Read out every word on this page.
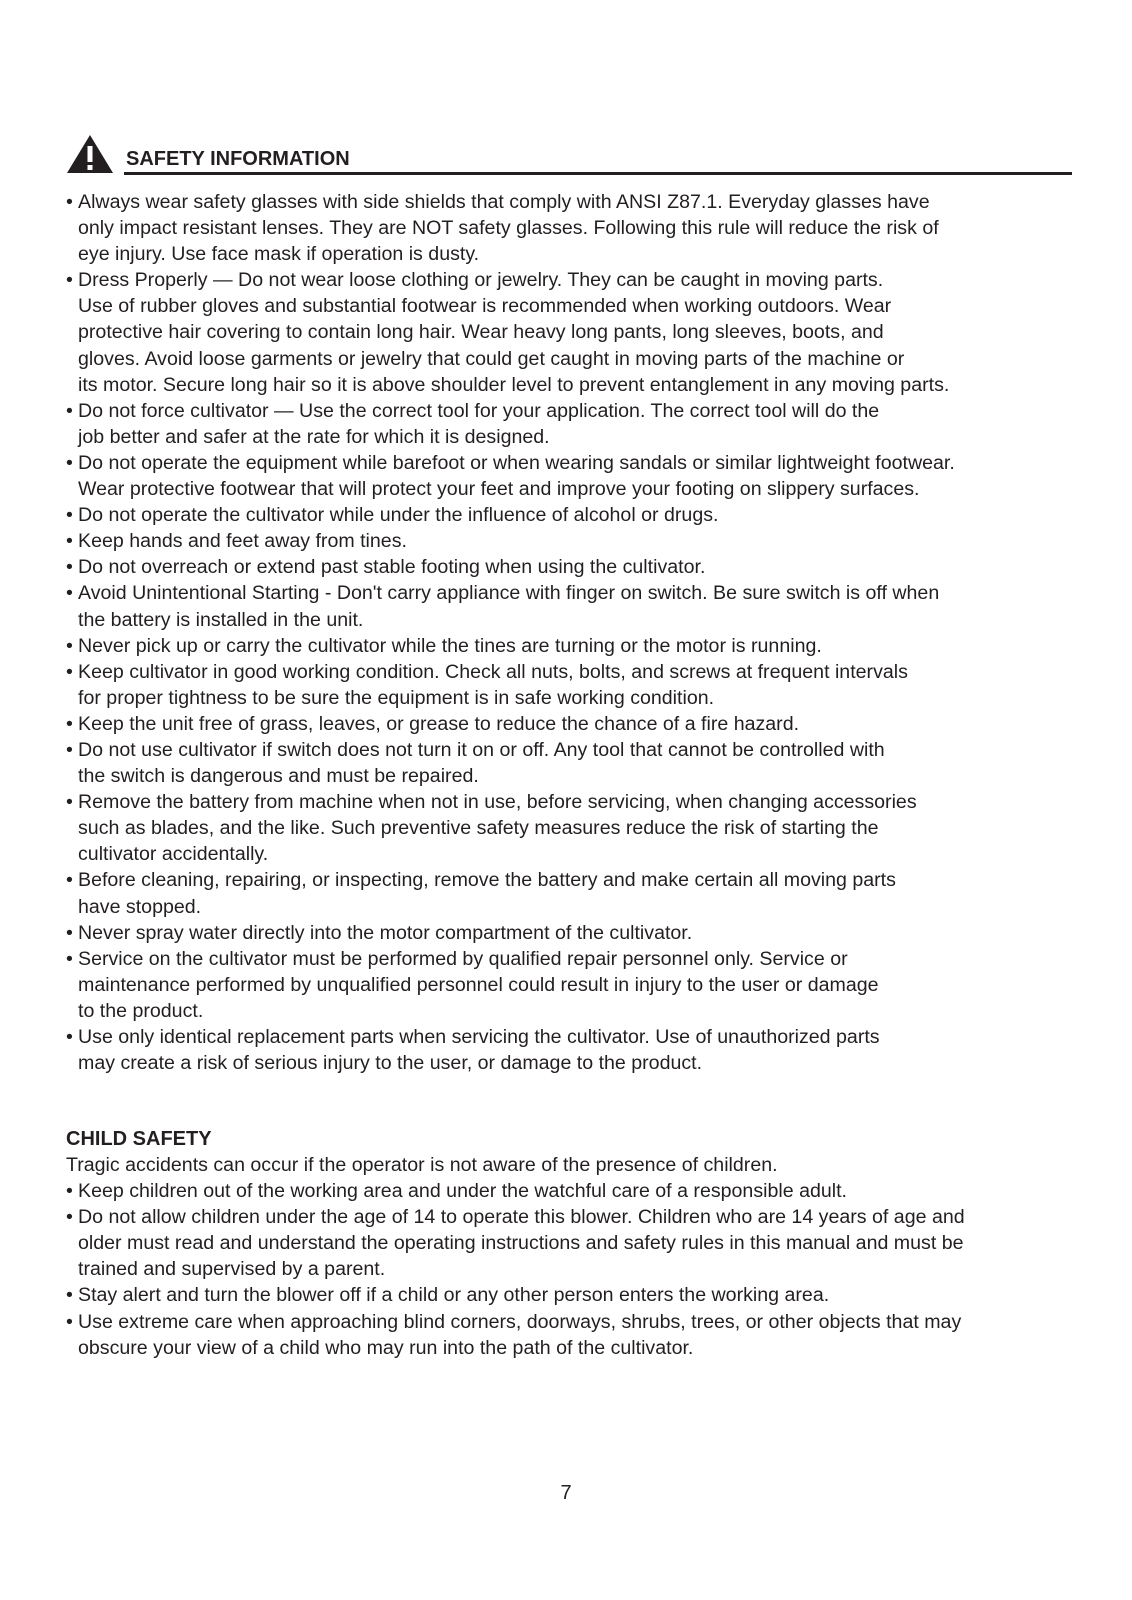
SAFETY INFORMATION
• Always wear safety glasses with side shields that comply with ANSI Z87.1. Everyday glasses have
only impact resistant lenses. They are NOT safety glasses. Following this rule will reduce the risk of
eye injury. Use face mask if operation is dusty.
• Dress Properly — Do not wear loose clothing or jewelry. They can be caught in moving parts.
Use of rubber gloves and substantial footwear is recommended when working outdoors. Wear
protective hair covering to contain long hair. Wear heavy long pants, long sleeves, boots, and
gloves. Avoid loose garments or jewelry that could get caught in moving parts of the machine or
its motor. Secure long hair so it is above shoulder level to prevent entanglement in any moving parts.
• Do not force cultivator — Use the correct tool for your application. The correct tool will do the
job better and safer at the rate for which it is designed.
• Do not operate the equipment while barefoot or when wearing sandals or similar lightweight footwear.
Wear protective footwear that will protect your feet and improve your footing on slippery surfaces.
• Do not operate the cultivator while under the influence of alcohol or drugs.
• Keep hands and feet away from tines.
• Do not overreach or extend past stable footing when using the cultivator.
• Avoid Unintentional Starting - Don't carry appliance with finger on switch. Be sure switch is off when
the battery is installed in the unit.
• Never pick up or carry the cultivator while the tines are turning or the motor is running.
• Keep cultivator in good working condition. Check all nuts, bolts, and screws at frequent intervals
for proper tightness to be sure the equipment is in safe working condition.
• Keep the unit free of grass, leaves, or grease to reduce the chance of a fire hazard.
• Do not use cultivator if switch does not turn it on or off. Any tool that cannot be controlled with
the switch is dangerous and must be repaired.
• Remove the battery from machine when not in use, before servicing, when changing accessories
such as blades, and the like. Such preventive safety measures reduce the risk of starting the
cultivator accidentally.
• Before cleaning, repairing, or inspecting, remove the battery and make certain all moving parts
have stopped.
• Never spray water directly into the motor compartment of the cultivator.
• Service on the cultivator must be performed by qualified repair personnel only. Service or
maintenance performed by unqualified personnel could result in injury to the user or damage
to the product.
• Use only identical replacement parts when servicing the cultivator. Use of unauthorized parts
may create a risk of serious injury to the user, or damage to the product.
CHILD SAFETY
Tragic accidents can occur if the operator is not aware of the presence of children.
• Keep children out of the working area and under the watchful care of a responsible adult.
• Do not allow children under the age of 14 to operate this blower. Children who are 14 years of age and
older must read and understand the operating instructions and safety rules in this manual and must be
trained and supervised by a parent.
• Stay alert and turn the blower off if a child or any other person enters the working area.
• Use extreme care when approaching blind corners, doorways, shrubs, trees, or other objects that may
obscure your view of a child who may run into the path of the cultivator.
7
